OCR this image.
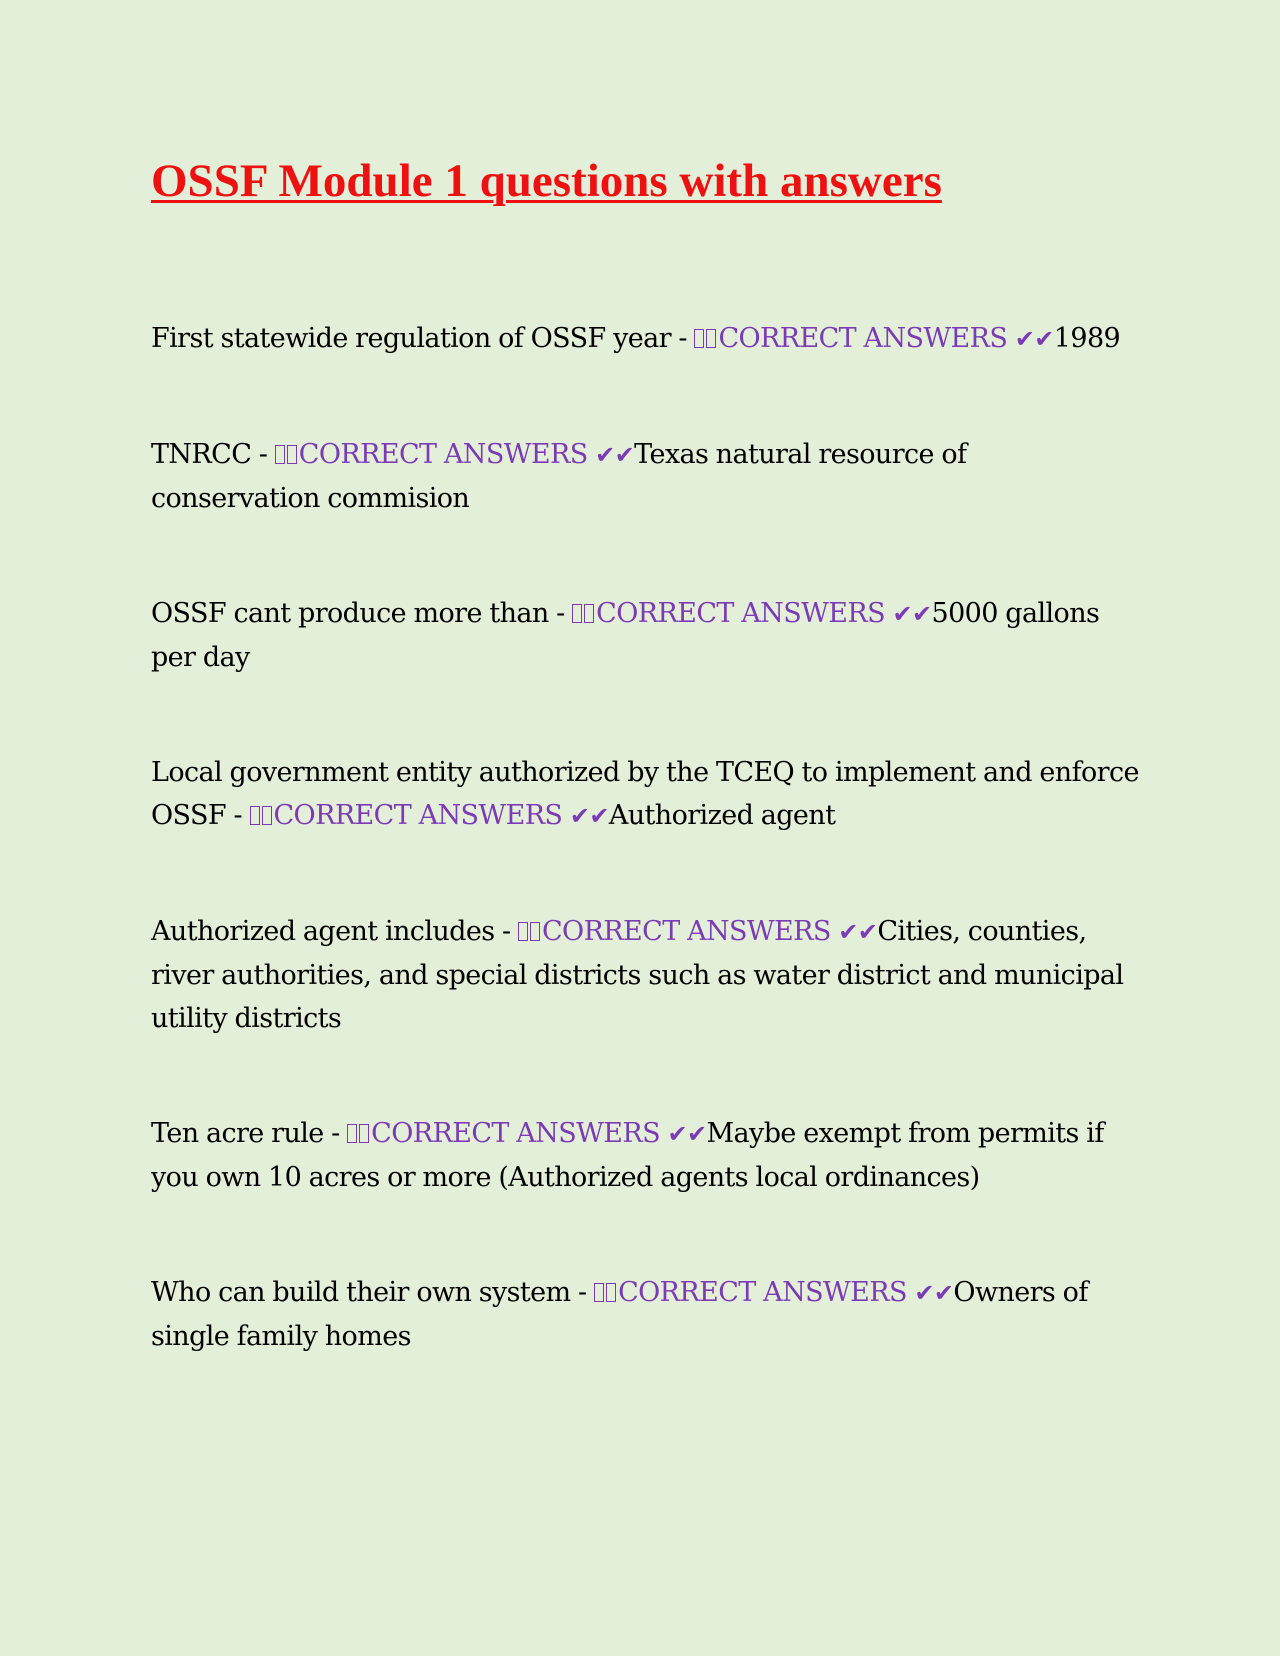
OSSF Module 1 questions with answers

First statewide regulation of OSSF year - CORRECT ANSWERS ✔✔1989

TNRCC - CORRECT ANSWERS ✔✔Texas natural resource of conservation commision

OSSF cant produce more than - CORRECT ANSWERS ✔✔5000 gallons per day

Local government entity authorized by the TCEQ to implement and enforce OSSF - CORRECT ANSWERS ✔✔Authorized agent

Authorized agent includes - CORRECT ANSWERS ✔✔Cities, counties, river authorities, and special districts such as water district and municipal utility districts

Ten acre rule - CORRECT ANSWERS ✔✔Maybe exempt from permits if you own 10 acres or more (Authorized agents local ordinances)

Who can build their own system - CORRECT ANSWERS ✔✔Owners of single family homes
